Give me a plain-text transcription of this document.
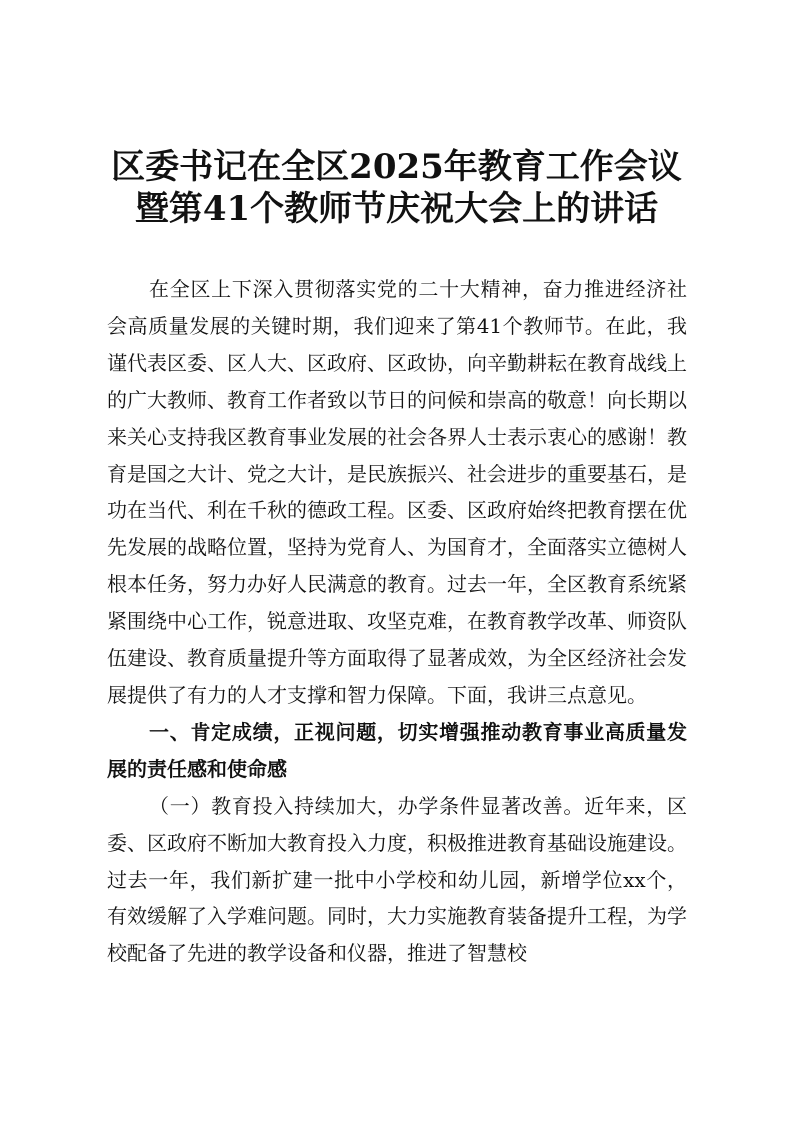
区委书记在全区2025年教育工作会议
暨第41个教师节庆祝大会上的讲话

在全区上下深入贯彻落实党的二十大精神，奋力推进经济社会高质量发展的关键时期，我们迎来了第41个教师节。在此，我谨代表区委、区人大、区政府、区政协，向辛勤耕耘在教育战线上的广大教师、教育工作者致以节日的问候和崇高的敬意！向长期以来关心支持我区教育事业发展的社会各界人士表示衷心的感谢！教育是国之大计、党之大计，是民族振兴、社会进步的重要基石，是功在当代、利在千秋的德政工程。区委、区政府始终把教育摆在优先发展的战略位置，坚持为党育人、为国育才，全面落实立德树人根本任务，努力办好人民满意的教育。过去一年，全区教育系统紧紧围绕中心工作，锐意进取、攻坚克难，在教育教学改革、师资队伍建设、教育质量提升等方面取得了显著成效，为全区经济社会发展提供了有力的人才支撑和智力保障。下面，我讲三点意见。

一、肯定成绩，正视问题，切实增强推动教育事业高质量发展的责任感和使命感

（一）教育投入持续加大，办学条件显著改善。近年来，区委、区政府不断加大教育投入力度，积极推进教育基础设施建设。过去一年，我们新扩建一批中小学校和幼儿园，新增学位xx个，有效缓解了入学难问题。同时，大力实施教育装备提升工程，为学校配备了先进的教学设备和仪器，推进了智慧校
